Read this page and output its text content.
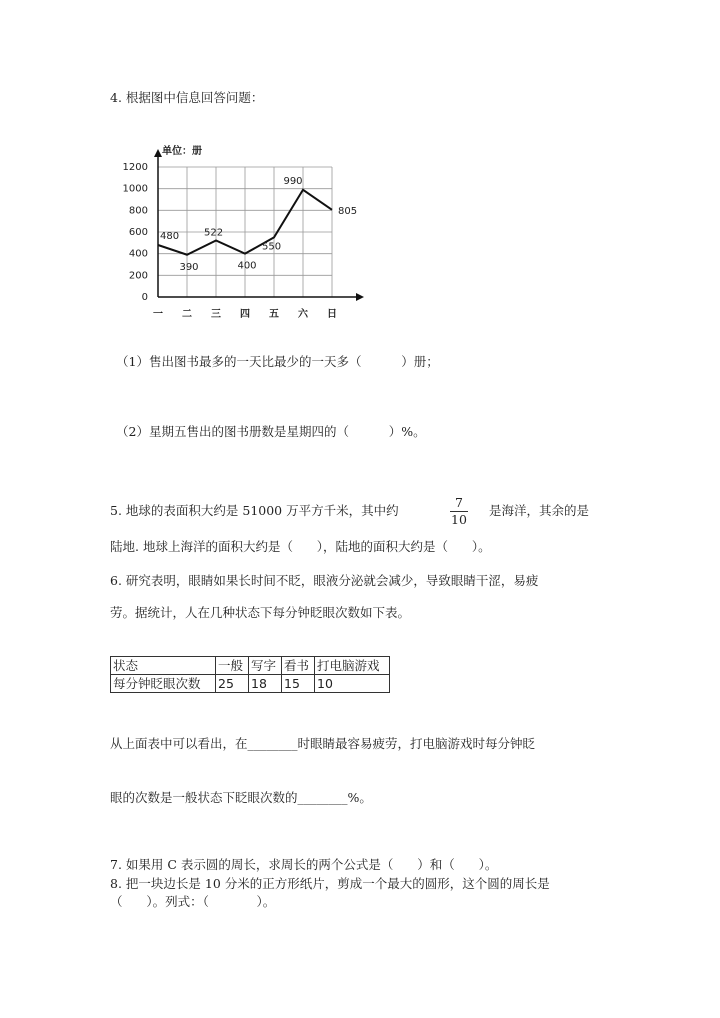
4. 根据图中信息回答问题：
单位：册
0
200
400
600
800
1000
1200
一 二 三 四 五 六 日
480
390
522
400
550
990
805
（1）售出图书最多的一天比最少的一天多（          ）册；
（2）星期五售出的图书册数是星期四的（          ）%。
5. 地球的表面积大约是 51000 万平方千米，其中约
7
10
是海洋，其余的是
陆地. 地球上海洋的面积大约是（      ），陆地的面积大约是（      ）。
6. 研究表明，眼睛如果长时间不眨，眼液分泌就会减少，导致眼睛干涩，易疲
劳。据统计，人在几种状态下每分钟眨眼次数如下表。
状态	一般	写字	看书	打电脑游戏
每分钟眨眼次数	25	18	15	10
从上面表中可以看出，在________时眼睛最容易疲劳，打电脑游戏时每分钟眨
眼的次数是一般状态下眨眼次数的________%。
7. 如果用 C 表示圆的周长，求周长的两个公式是（      ）和（      ）。
8. 把一块边长是 10 分米的正方形纸片，剪成一个最大的圆形，这个圆的周长是
（      ）。列式：（            ）。
